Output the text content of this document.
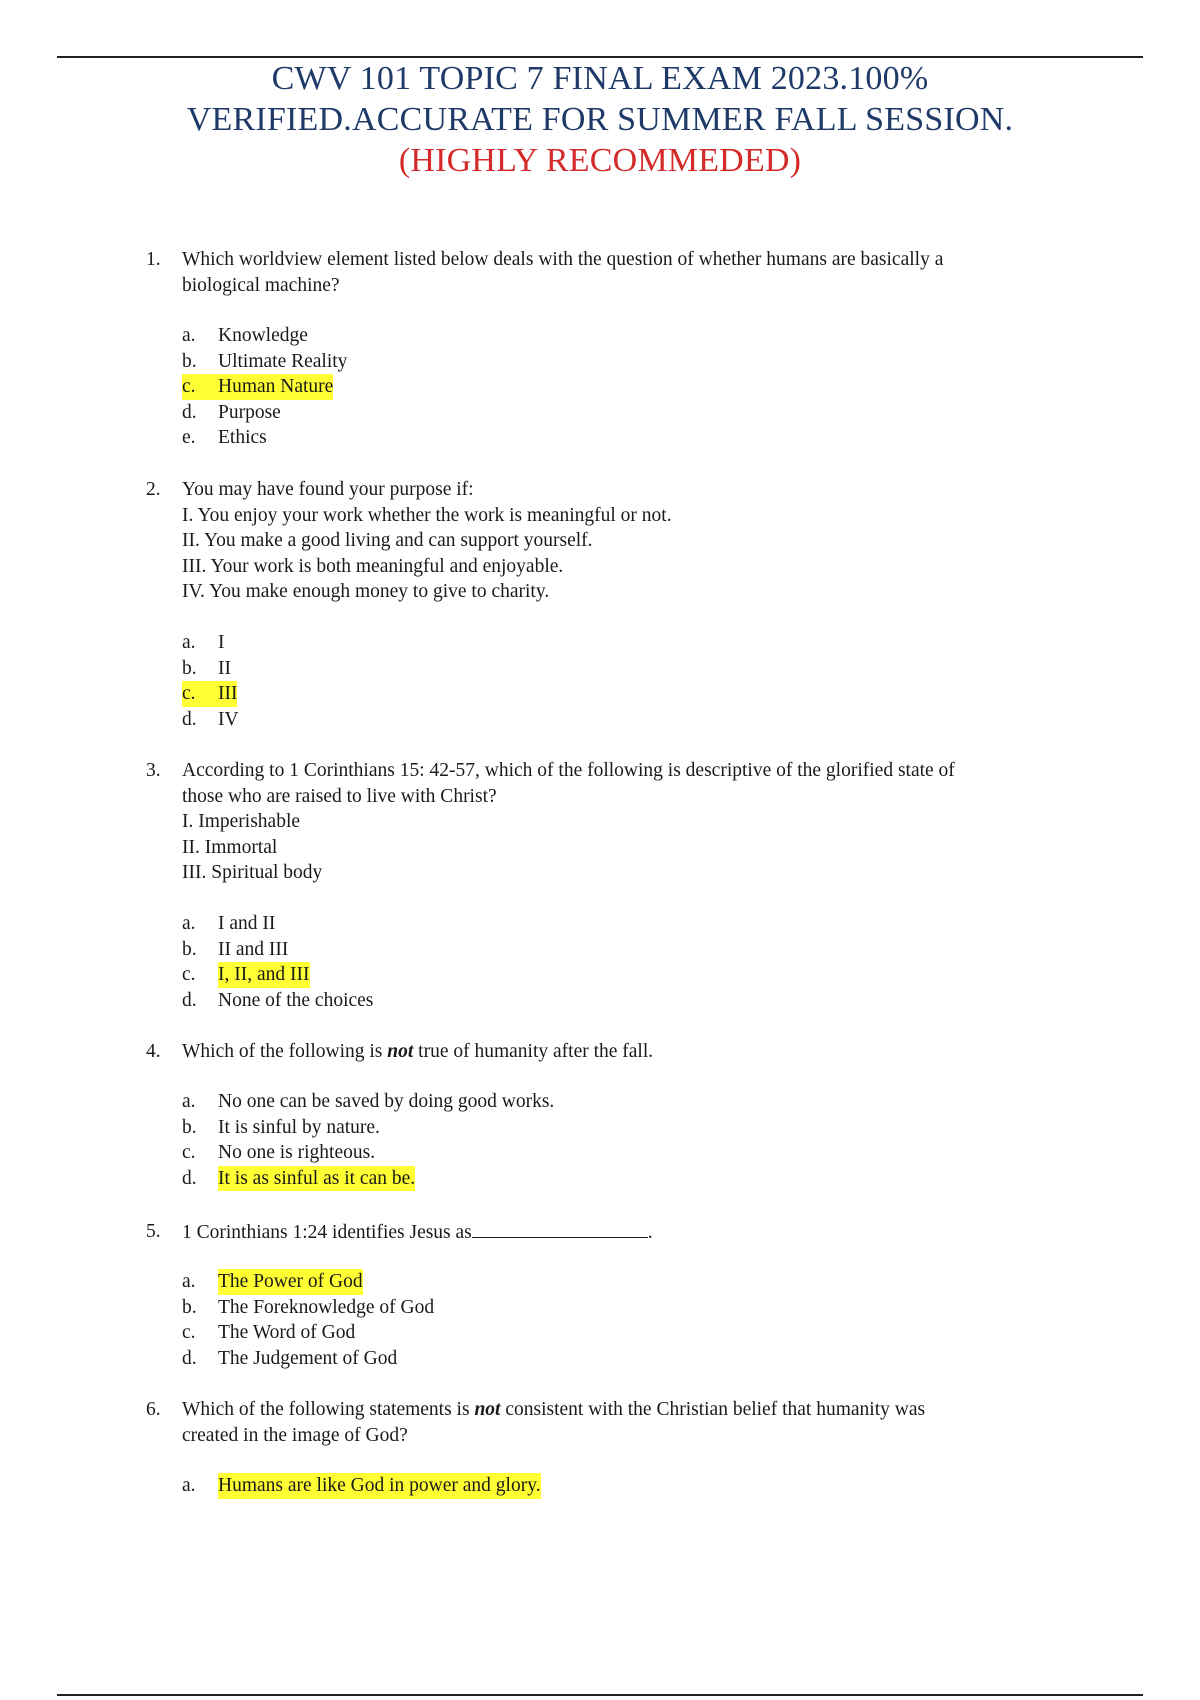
CWV 101 TOPIC 7 FINAL EXAM 2023.100%
VERIFIED.ACCURATE FOR SUMMER FALL SESSION.
(HIGHLY RECOMMEDED)
1. Which worldview element listed below deals with the question of whether humans are basically a
biological machine?
a. Knowledge
b. Ultimate Reality
c. Human Nature
d. Purpose
e. Ethics
2. You may have found your purpose if:
I. You enjoy your work whether the work is meaningful or not.
II. You make a good living and can support yourself.
III. Your work is both meaningful and enjoyable.
IV. You make enough money to give to charity.
a. I
b. II
c. III
d. IV
3. According to 1 Corinthians 15: 42-57, which of the following is descriptive of the glorified state of
those who are raised to live with Christ?
I. Imperishable
II. Immortal
III. Spiritual body
a. I and II
b. II and III
c. I, II, and III
d. None of the choices
4. Which of the following is not true of humanity after the fall.
a. No one can be saved by doing good works.
b. It is sinful by nature.
c. No one is righteous.
d. It is as sinful as it can be.
5. 1 Corinthians 1:24 identifies Jesus as	.
a. The Power of God
b. The Foreknowledge of God
c. The Word of God
d. The Judgement of God
6. Which of the following statements is not consistent with the Christian belief that humanity was
created in the image of God?
a. Humans are like God in power and glory.
